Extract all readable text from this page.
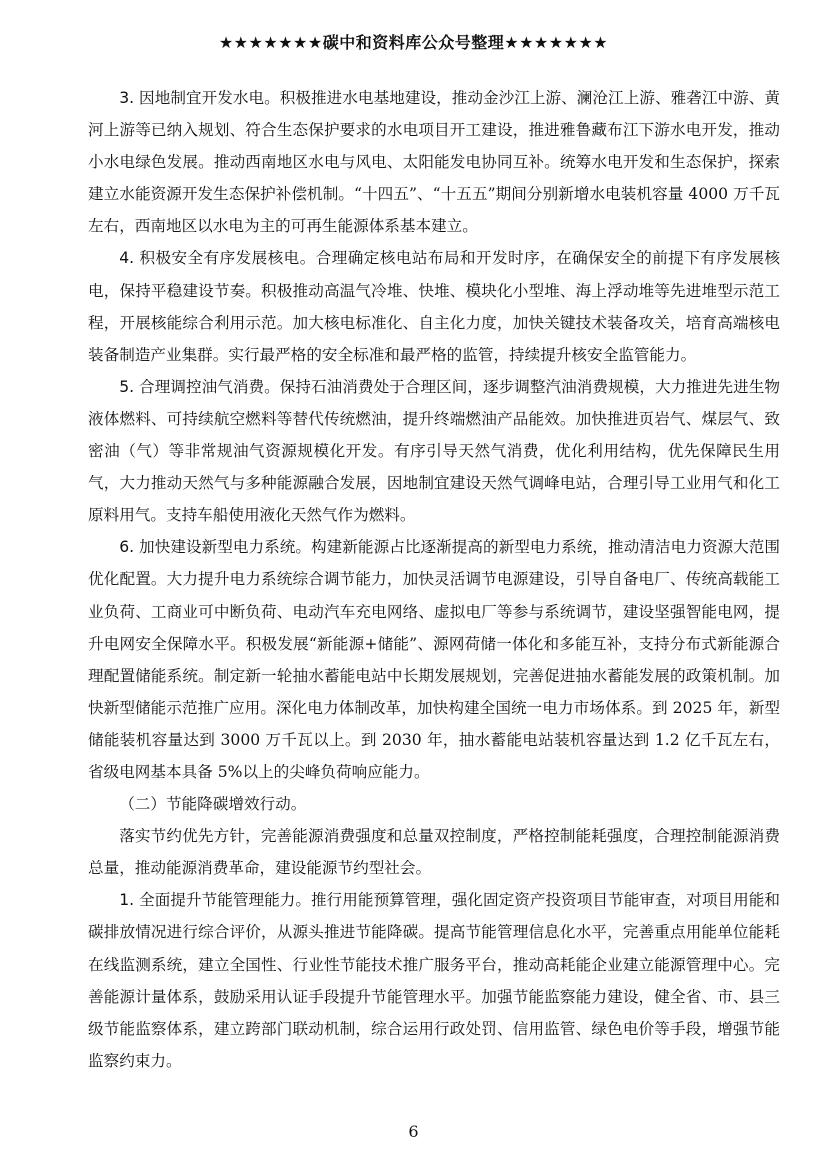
★★★★★★★碳中和资料库公众号整理★★★★★★★

3. 因地制宜开发水电。积极推进水电基地建设，推动金沙江上游、澜沧江上游、雅砻江中游、黄河上游等已纳入规划、符合生态保护要求的水电项目开工建设，推进雅鲁藏布江下游水电开发，推动小水电绿色发展。推动西南地区水电与风电、太阳能发电协同互补。统筹水电开发和生态保护，探索建立水能资源开发生态保护补偿机制。“十四五”、“十五五”期间分别新增水电装机容量 4000 万千瓦左右，西南地区以水电为主的可再生能源体系基本建立。

4. 积极安全有序发展核电。合理确定核电站布局和开发时序，在确保安全的前提下有序发展核电，保持平稳建设节奏。积极推动高温气冷堆、快堆、模块化小型堆、海上浮动堆等先进堆型示范工程，开展核能综合利用示范。加大核电标准化、自主化力度，加快关键技术装备攻关，培育高端核电装备制造产业集群。实行最严格的安全标准和最严格的监管，持续提升核安全监管能力。

5. 合理调控油气消费。保持石油消费处于合理区间，逐步调整汽油消费规模，大力推进先进生物液体燃料、可持续航空燃料等替代传统燃油，提升终端燃油产品能效。加快推进页岩气、煤层气、致密油（气）等非常规油气资源规模化开发。有序引导天然气消费，优化利用结构，优先保障民生用气，大力推动天然气与多种能源融合发展，因地制宜建设天然气调峰电站，合理引导工业用气和化工原料用气。支持车船使用液化天然气作为燃料。

6. 加快建设新型电力系统。构建新能源占比逐渐提高的新型电力系统，推动清洁电力资源大范围优化配置。大力提升电力系统综合调节能力，加快灵活调节电源建设，引导自备电厂、传统高载能工业负荷、工商业可中断负荷、电动汽车充电网络、虚拟电厂等参与系统调节，建设坚强智能电网，提升电网安全保障水平。积极发展“新能源+储能”、源网荷储一体化和多能互补，支持分布式新能源合理配置储能系统。制定新一轮抽水蓄能电站中长期发展规划，完善促进抽水蓄能发展的政策机制。加快新型储能示范推广应用。深化电力体制改革，加快构建全国统一电力市场体系。到 2025 年，新型储能装机容量达到 3000 万千瓦以上。到 2030 年，抽水蓄能电站装机容量达到 1.2 亿千瓦左右，省级电网基本具备 5%以上的尖峰负荷响应能力。

（二）节能降碳增效行动。

落实节约优先方针，完善能源消费强度和总量双控制度，严格控制能耗强度，合理控制能源消费总量，推动能源消费革命，建设能源节约型社会。

1. 全面提升节能管理能力。推行用能预算管理，强化固定资产投资项目节能审查，对项目用能和碳排放情况进行综合评价，从源头推进节能降碳。提高节能管理信息化水平，完善重点用能单位能耗在线监测系统，建立全国性、行业性节能技术推广服务平台，推动高耗能企业建立能源管理中心。完善能源计量体系，鼓励采用认证手段提升节能管理水平。加强节能监察能力建设，健全省、市、县三级节能监察体系，建立跨部门联动机制，综合运用行政处罚、信用监管、绿色电价等手段，增强节能监察约束力。

6
